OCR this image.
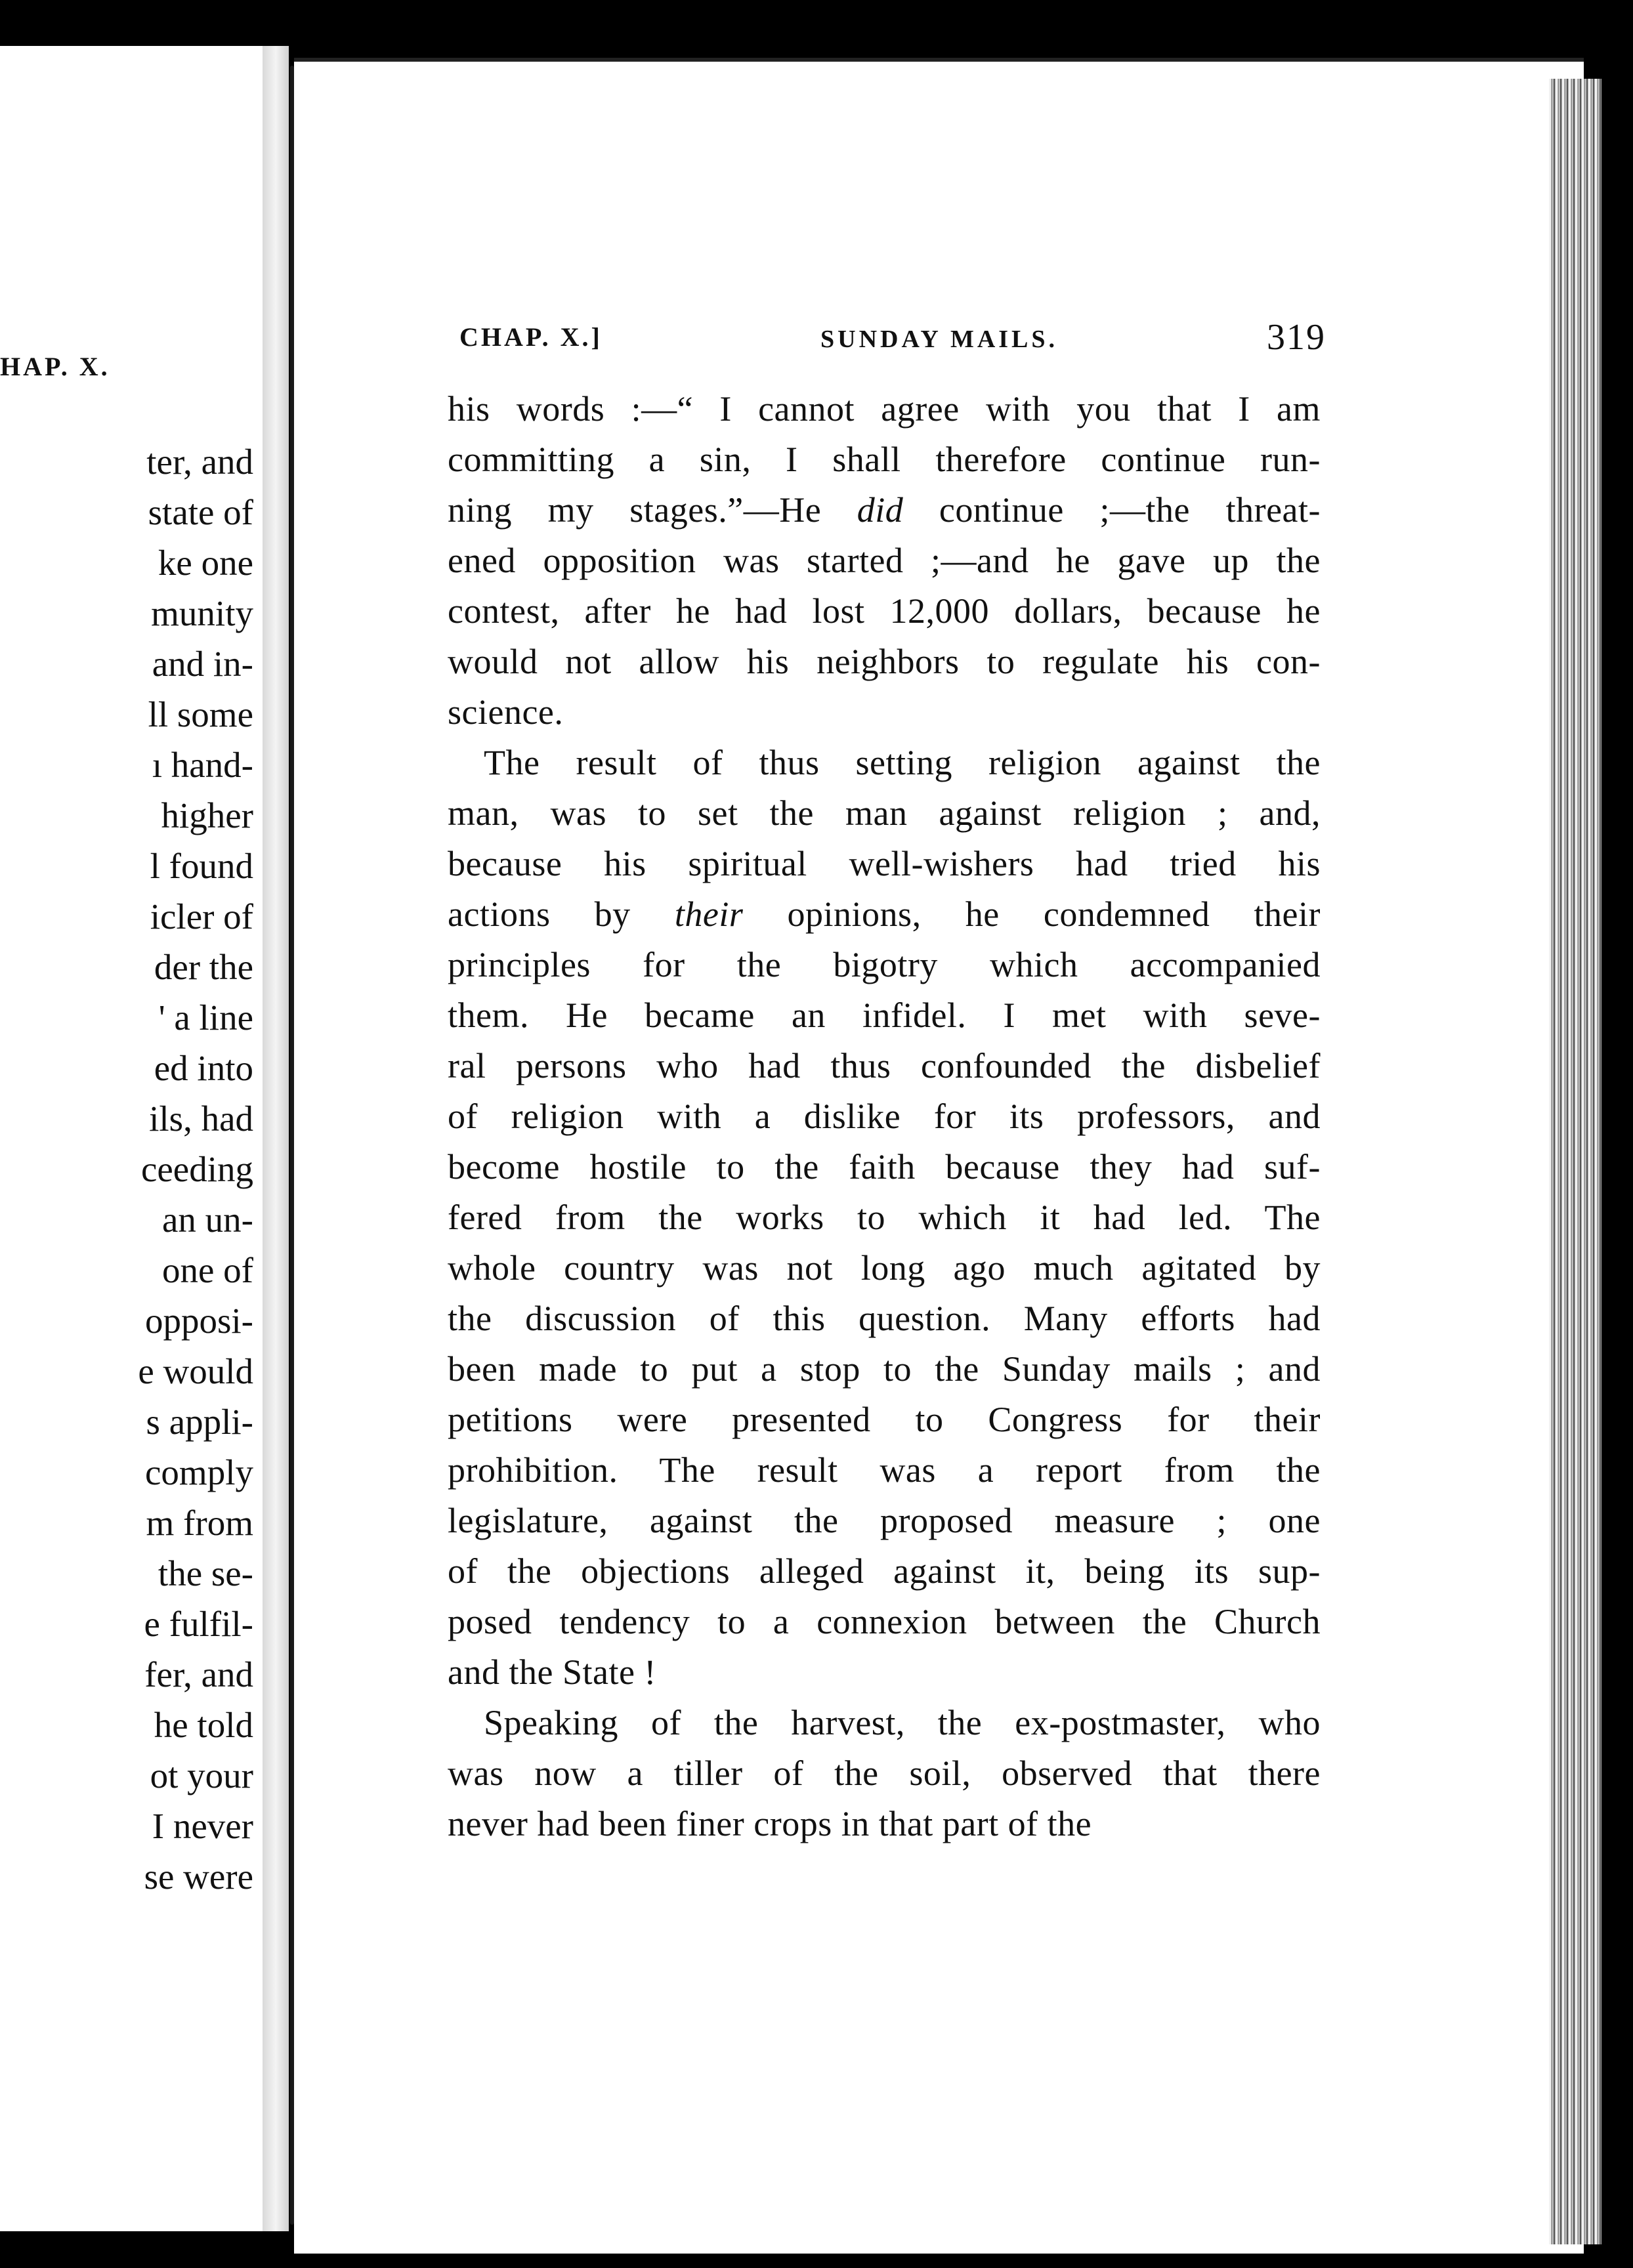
HAP. X.
ter, and
state of
ke one
munity
and in-
ll some
ı hand-
higher
l found
icler of
der the
' a line
ed into
ils, had
ceeding
an un-
one of
opposi-
e would
s appli-
comply
m from
the se-
e fulfil-
fer, and
he told
ot your
I never
se were
CHAP. X.]	SUNDAY MAILS.	319
his words :—“ I cannot agree with you that I am
committing a sin, I shall therefore continue run-
ning my stages.”—He did continue ;—the threat-
ened opposition was started ;—and he gave up the
contest, after he had lost 12,000 dollars, because he
would not allow his neighbors to regulate his con-
science.
The result of thus setting religion against the
man, was to set the man against religion ; and,
because his spiritual well-wishers had tried his
actions by their opinions, he condemned their
principles for the bigotry which accompanied
them. He became an infidel. I met with seve-
ral persons who had thus confounded the disbelief
of religion with a dislike for its professors, and
become hostile to the faith because they had suf-
fered from the works to which it had led. The
whole country was not long ago much agitated by
the discussion of this question. Many efforts had
been made to put a stop to the Sunday mails ; and
petitions were presented to Congress for their
prohibition. The result was a report from the
legislature, against the proposed measure ; one
of the objections alleged against it, being its sup-
posed tendency to a connexion between the Church
and the State !
Speaking of the harvest, the ex-postmaster, who
was now a tiller of the soil, observed that there
never had been finer crops in that part of the
